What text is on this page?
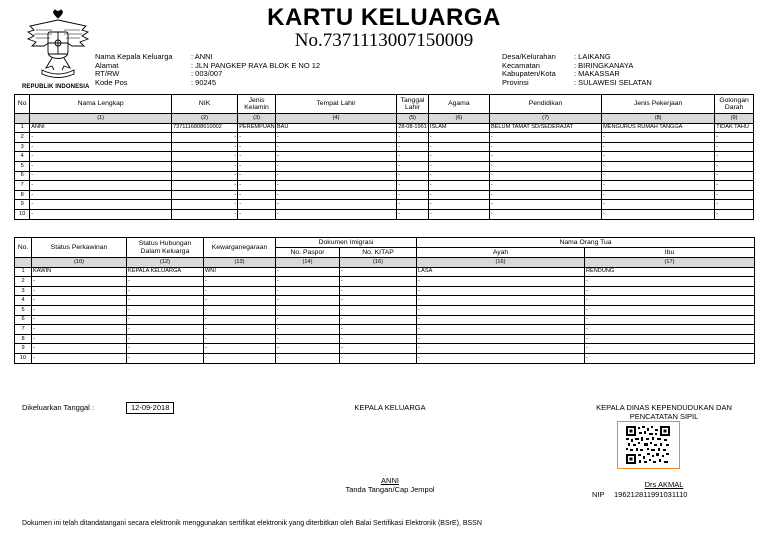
REPUBLIK INDONESIA
KARTU KELUARGA
No.7371113007150009
Nama Kepala Keluarga	: ANNI
Alamat	: JLN PANGKEP RAYA BLOK E NO 12
RT/RW	: 003/007
Kode Pos	: 90245
Desa/Kelurahan	: LAIKANG
Kecamatan	: BIRINGKANAYA
Kabupaten/Kota	: MAKASSAR
Provinsi	: SULAWESI SELATAN
No	Nama Lengkap	NIK	Jenis Kelamin	Tempat Lahir	Tanggal Lahir	Agama	Pendidikan	Jenis Pekerjaan	Golongan Darah
	(1)	(2)	(3)	(4)	(5)	(6)	(7)	(8)	(9)
1	ANNI	7371116808610002	PEREMPUAN	BAU	28-08-1961	ISLAM	BELUM TAMAT SD/SEDERAJAT	MENGURUS RUMAH TANGGA	TIDAK TAHU
2	-	-	-	-	-	-	-	-	-
3	-	-	-	-	-	-	-	-	-
4	-	-	-	-	-	-	-	-	-
5	-	-	-	-	-	-	-	-	-
6	-	-	-	-	-	-	-	-	-
7	-	-	-	-	-	-	-	-	-
8	-	-	-	-	-	-	-	-	-
9	-	-	-	-	-	-	-	-	-
10	-	-	-	-	-	-	-	-	-
No.	Status Perkawinan	Status Hubungan Dalam Keluarga	Kewarganegaraan	Dokumen Imigrasi		Nama Orang Tua	
				No. Paspor	No. KITAP	Ayah	Ibu
	(10)	(12)	(13)	(14)	(16)	(16)	(17)
1	KAWIN	KEPALA KELUARGA	WNI	-	-	LASA	RENDUNG
2	-	-	-	-	-	-	-
3	-	-	-	-	-	-	-
4	-	-	-	-	-	-	-
5	-	-	-	-	-	-	-
6	-	-	-	-	-	-	-
7	-	-	-	-	-	-	-
8	-	-	-	-	-	-	-
9	-	-	-	-	-	-	-
10	-	-	-	-	-	-	-
Dikeluarkan Tanggal :	12-09-2018	KEPALA KELUARGA
ANNI
Tanda Tangan/Cap Jempol
KEPALA DINAS KEPENDUDUKAN DAN
PENCATATAN SIPIL
Drs AKMAL
NIP 196212811991031110
Dokumen ini telah ditandatangani secara elektronik menggunakan sertifikat elektronik yang diterbitkan oleh Balai Sertifikasi Elektronik (BSrE), BSSN
